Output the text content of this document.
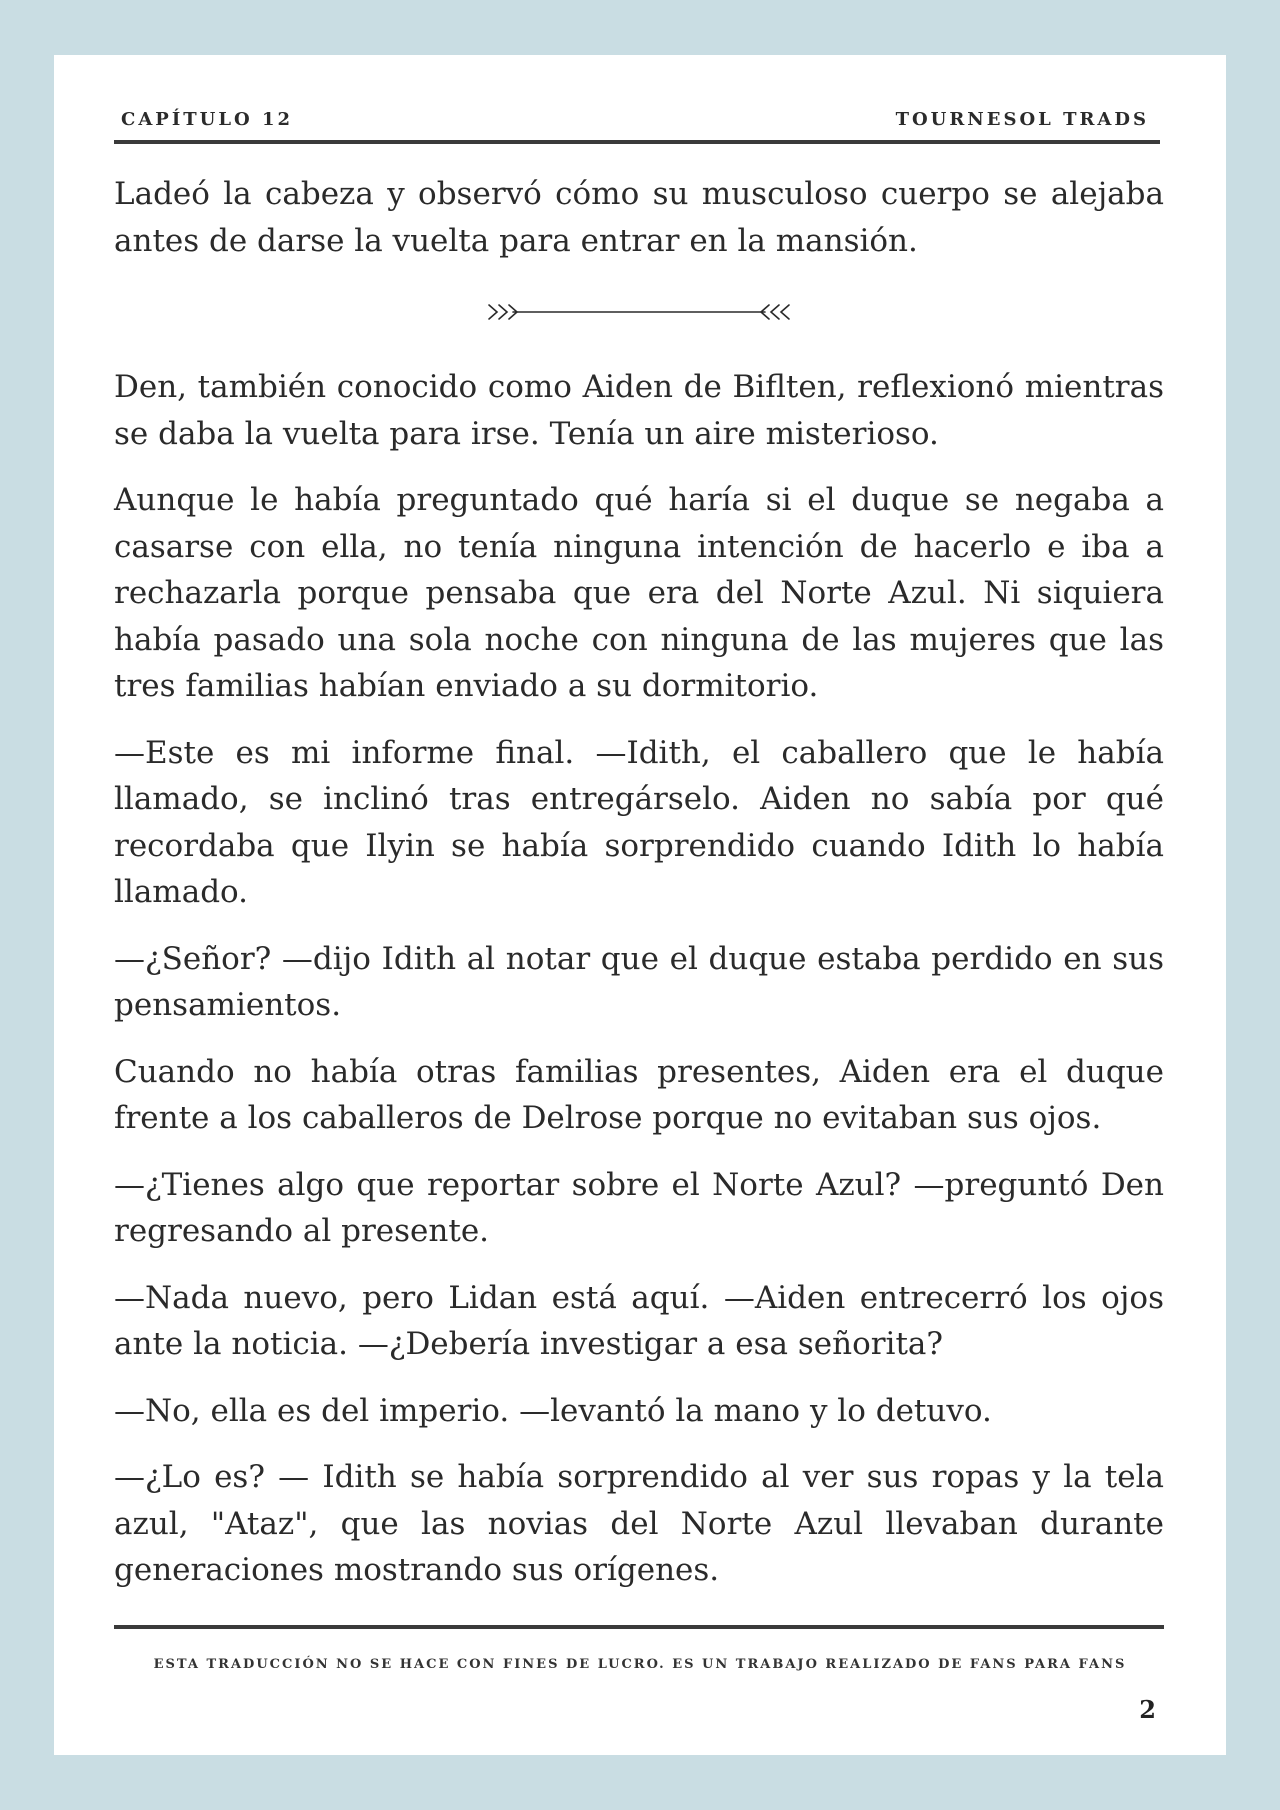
CAPÍTULO 12	TOURNESOL TRADS

Ladeó la cabeza y observó cómo su musculoso cuerpo se alejaba antes de darse la vuelta para entrar en la mansión.

Den, también conocido como Aiden de Biflten, reflexionó mientras se daba la vuelta para irse. Tenía un aire misterioso.

Aunque le había preguntado qué haría si el duque se negaba a casarse con ella, no tenía ninguna intención de hacerlo e iba a rechazarla porque pensaba que era del Norte Azul. Ni siquiera había pasado una sola noche con ninguna de las mujeres que las tres familias habían enviado a su dormitorio.

—Este es mi informe final. —Idith, el caballero que le había llamado, se inclinó tras entregárselo. Aiden no sabía por qué recordaba que Ilyin se había sorprendido cuando Idith lo había llamado.

—¿Señor? —dijo Idith al notar que el duque estaba perdido en sus pensamientos.

Cuando no había otras familias presentes, Aiden era el duque frente a los caballeros de Delrose porque no evitaban sus ojos.

—¿Tienes algo que reportar sobre el Norte Azul? —preguntó Den regresando al presente.

—Nada nuevo, pero Lidan está aquí. —Aiden entrecerró los ojos ante la noticia. —¿Debería investigar a esa señorita?

—No, ella es del imperio. —levantó la mano y lo detuvo.

—¿Lo es? — Idith se había sorprendido al ver sus ropas y la tela azul, "Ataz", que las novias del Norte Azul llevaban durante generaciones mostrando sus orígenes.

ESTA TRADUCCIÓN NO SE HACE CON FINES DE LUCRO. ES UN TRABAJO REALIZADO DE FANS PARA FANS
2
